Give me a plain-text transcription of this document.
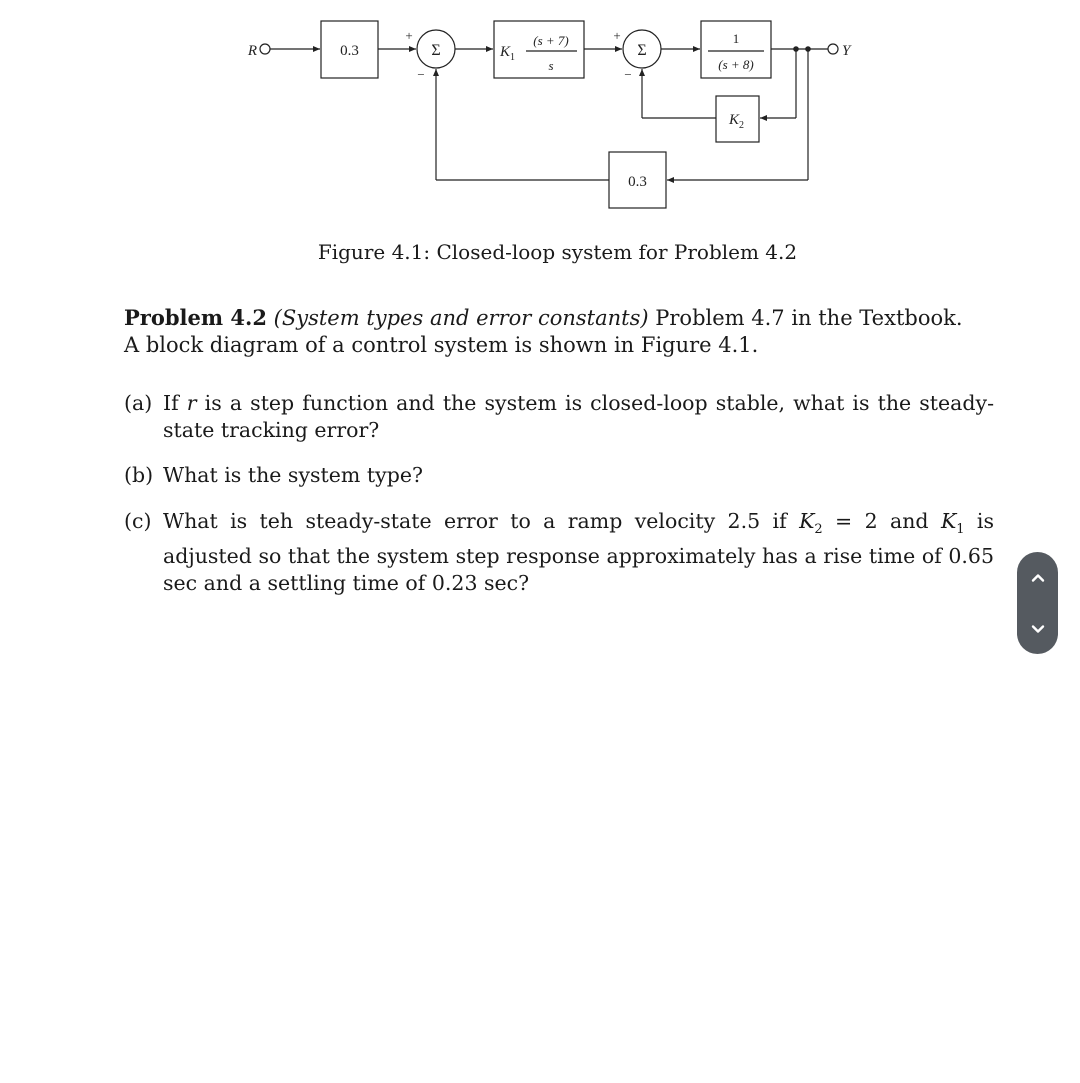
R	Y
0.3	Σ
+
−
$K_1$
(s + 7)
s
Σ
+
−
1
(s + 8)
$K_2$
0.3
Figure 4.1: Closed-loop system for Problem 4.2
Problem 4.2 (System types and error constants) Problem 4.7 in the Textbook.
A block diagram of a control system is shown in Figure 4.1.
(a) If r is a step function and the system is closed-loop stable, what is the steady-state tracking error?
(b) What is the system type?
(c) What is teh steady-state error to a ramp velocity 2.5 if $K_2 = 2$ and $K_1$ is adjusted so that the system step response approximately has a rise time of 0.65 sec and a settling time of 0.23 sec?
